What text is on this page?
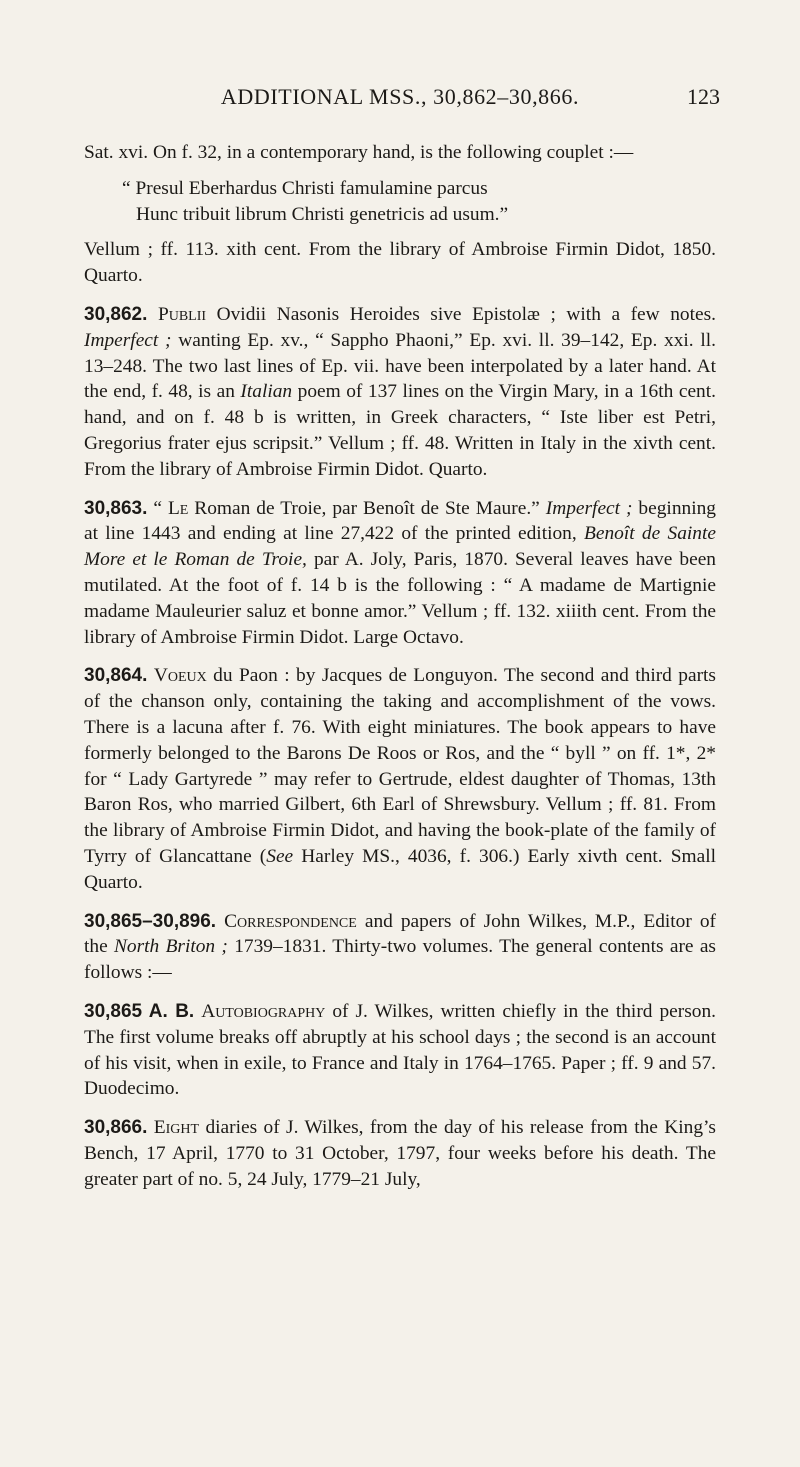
ADDITIONAL MSS., 30,862–30,866.	123

Sat. xvi. On f. 32, in a contemporary hand, is the following couplet :—

“ Presul Eberhardus Christi famulamine parcus
Hunc tribuit librum Christi genetricis ad usum.”

Vellum ; ff. 113. xith cent. From the library of Ambroise Firmin Didot, 1850. Quarto.

30,862. Publii Ovidii Nasonis Heroides sive Epistolæ ; with a few notes. Imperfect ; wanting Ep. xv., “ Sappho Phaoni,” Ep. xvi. ll. 39–142, Ep. xxi. ll. 13–248. The two last lines of Ep. vii. have been interpolated by a later hand. At the end, f. 48, is an Italian poem of 137 lines on the Virgin Mary, in a 16th cent. hand, and on f. 48 b is written, in Greek characters, “ Iste liber est Petri, Gregorius frater ejus scripsit.” Vellum ; ff. 48. Written in Italy in the xivth cent. From the library of Ambroise Firmin Didot. Quarto.

30,863. “ Le Roman de Troie, par Benoît de Ste Maure.” Imperfect ; beginning at line 1443 and ending at line 27,422 of the printed edition, Benoît de Sainte More et le Roman de Troie, par A. Joly, Paris, 1870. Several leaves have been mutilated. At the foot of f. 14 b is the following : “ A madame de Martignie madame Mauleurier saluz et bonne amor.” Vellum ; ff. 132. xiiith cent. From the library of Ambroise Firmin Didot. Large Octavo.

30,864. Voeux du Paon : by Jacques de Longuyon. The second and third parts of the chanson only, containing the taking and accomplishment of the vows. There is a lacuna after f. 76. With eight miniatures. The book appears to have formerly belonged to the Barons De Roos or Ros, and the “ byll ” on ff. 1*, 2* for “ Lady Gartyrede ” may refer to Gertrude, eldest daughter of Thomas, 13th Baron Ros, who married Gilbert, 6th Earl of Shrewsbury. Vellum ; ff. 81. From the library of Ambroise Firmin Didot, and having the book-plate of the family of Tyrry of Glancattane (See Harley MS., 4036, f. 306.) Early xivth cent. Small Quarto.

30,865–30,896. Correspondence and papers of John Wilkes, M.P., Editor of the North Briton ; 1739–1831. Thirty-two volumes. The general contents are as follows :—

30,865 A. B. Autobiography of J. Wilkes, written chiefly in the third person. The first volume breaks off abruptly at his school days ; the second is an account of his visit, when in exile, to France and Italy in 1764–1765. Paper ; ff. 9 and 57. Duodecimo.

30,866. Eight diaries of J. Wilkes, from the day of his release from the King’s Bench, 17 April, 1770 to 31 October, 1797, four weeks before his death. The greater part of no. 5, 24 July, 1779–21 July,
